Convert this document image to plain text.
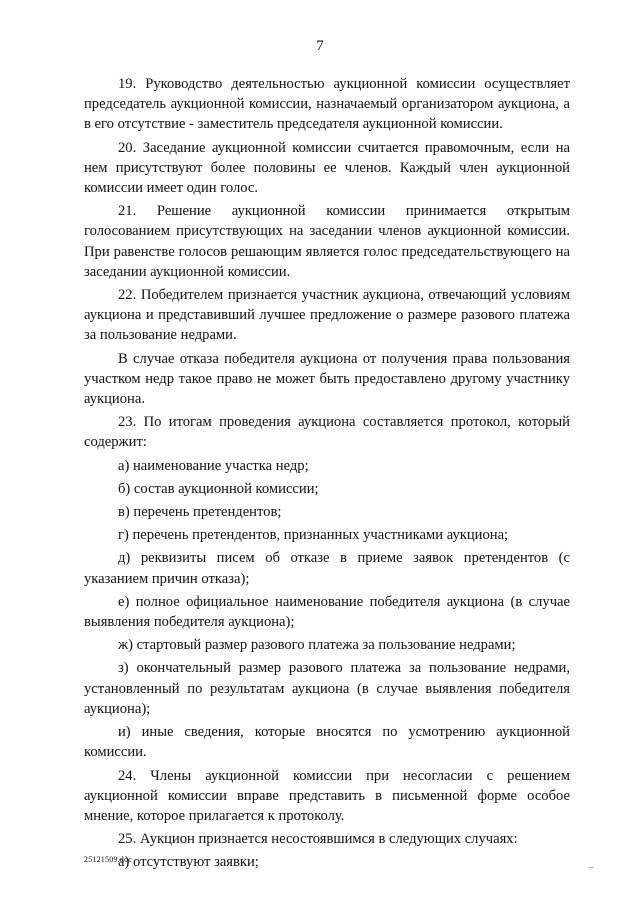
7

19. Руководство деятельностью аукционной комиссии осуществляет председатель аукционной комиссии, назначаемый организатором аукциона, а в его отсутствие - заместитель председателя аукционной комиссии.

20. Заседание аукционной комиссии считается правомочным, если на нем присутствуют более половины ее членов. Каждый член аукционной комиссии имеет один голос.

21. Решение аукционной комиссии принимается открытым голосованием присутствующих на заседании членов аукционной комиссии. При равенстве голосов решающим является голос председательствующего на заседании аукционной комиссии.

22. Победителем признается участник аукциона, отвечающий условиям аукциона и представивший лучшее предложение о размере разового платежа за пользование недрами.

В случае отказа победителя аукциона от получения права пользования участком недр такое право не может быть предоставлено другому участнику аукциона.

23. По итогам проведения аукциона составляется протокол, который содержит:

а) наименование участка недр;

б) состав аукционной комиссии;

в) перечень претендентов;

г) перечень претендентов, признанных участниками аукциона;

д) реквизиты писем об отказе в приеме заявок претендентов (с указанием причин отказа);

е) полное официальное наименование победителя аукциона (в случае выявления победителя аукциона);

ж) стартовый размер разового платежа за пользование недрами;

з) окончательный размер разового платежа за пользование недрами, установленный по результатам аукциона (в случае выявления победителя аукциона);

и) иные сведения, которые вносятся по усмотрению аукционной комиссии.

24. Члены аукционной комиссии при несогласии с решением аукционной комиссии вправе представить в письменной форме особое мнение, которое прилагается к протоколу.

25. Аукцион признается несостоявшимся в следующих случаях:

а) отсутствуют заявки;

25121509.doc
...
